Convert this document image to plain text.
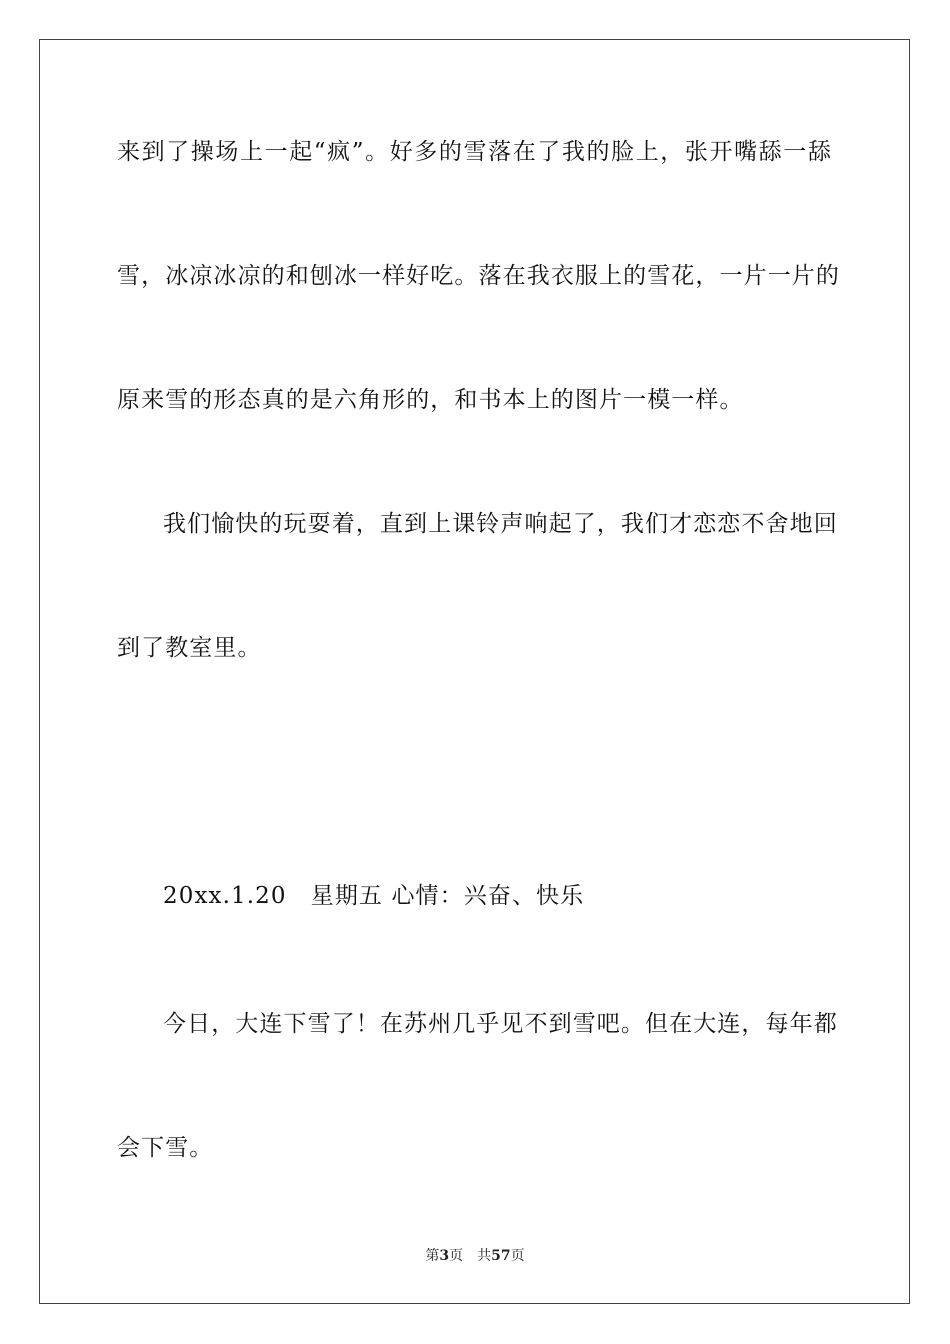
来到了操场上一起“疯”。好多的雪落在了我的脸上，张开嘴舔一舔
雪，冰凉冰凉的和刨冰一样好吃。落在我衣服上的雪花，一片一片的
原来雪的形态真的是六角形的，和书本上的图片一模一样。
我们愉快的玩耍着，直到上课铃声响起了，我们才恋恋不舍地回
到了教室里。
20xx.1.20　星期五 心情：兴奋、快乐
今日，大连下雪了！在苏州几乎见不到雪吧。但在大连，每年都
会下雪。
第3页 共57页
